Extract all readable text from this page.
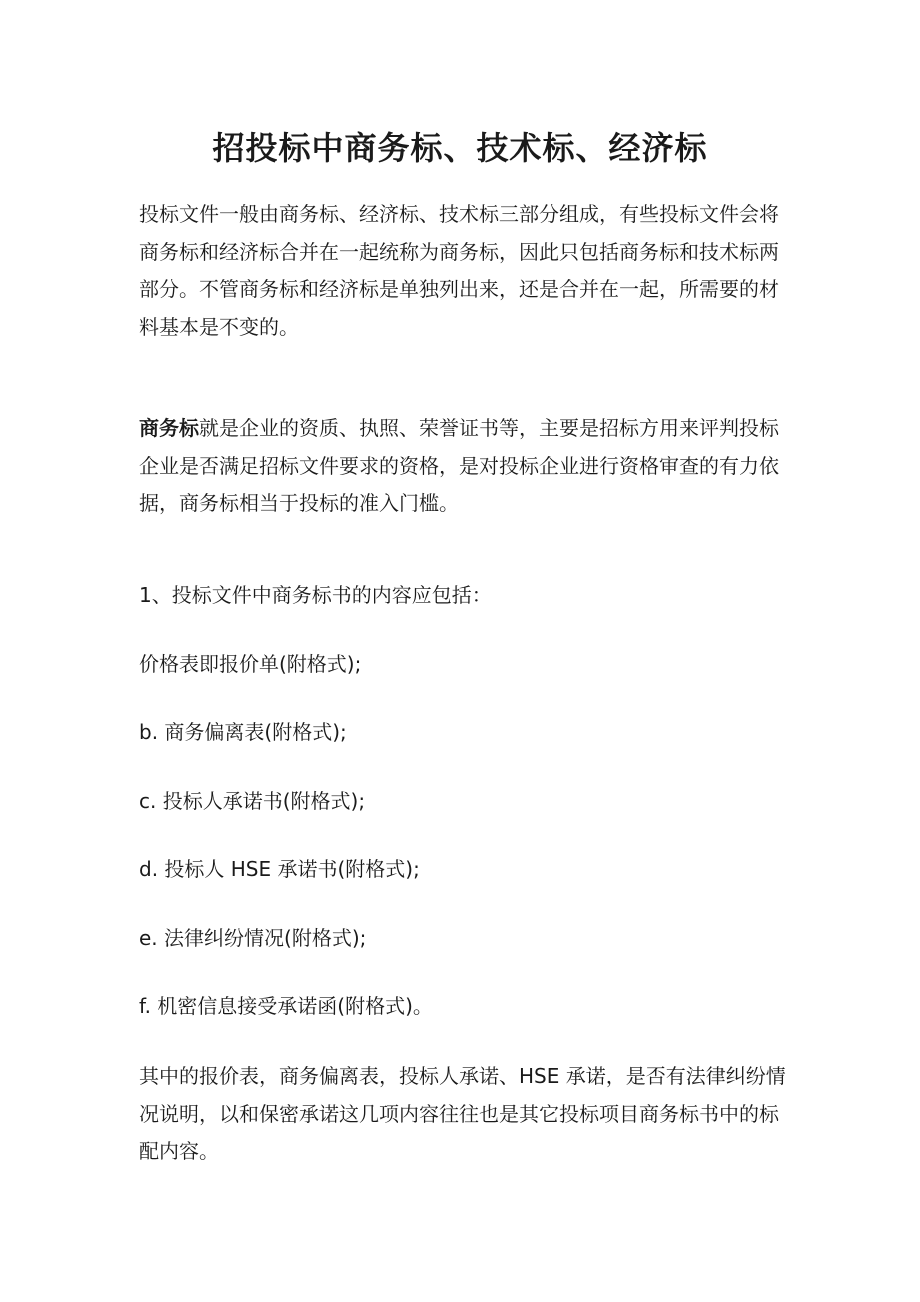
招投标中商务标、技术标、经济标

投标文件一般由商务标、经济标、技术标三部分组成，有些投标文件会将商务标和经济标合并在一起统称为商务标，因此只包括商务标和技术标两部分。不管商务标和经济标是单独列出来，还是合并在一起，所需要的材料基本是不变的。

商务标就是企业的资质、执照、荣誉证书等，主要是招标方用来评判投标企业是否满足招标文件要求的资格，是对投标企业进行资格审查的有力依据，商务标相当于投标的准入门槛。

1、投标文件中商务标书的内容应包括：

价格表即报价单(附格式);

b. 商务偏离表(附格式);

c. 投标人承诺书(附格式);

d. 投标人 HSE 承诺书(附格式);

e. 法律纠纷情况(附格式);

f. 机密信息接受承诺函(附格式)。

其中的报价表，商务偏离表，投标人承诺、HSE 承诺，是否有法律纠纷情况说明，以和保密承诺这几项内容往往也是其它投标项目商务标书中的标配内容。
